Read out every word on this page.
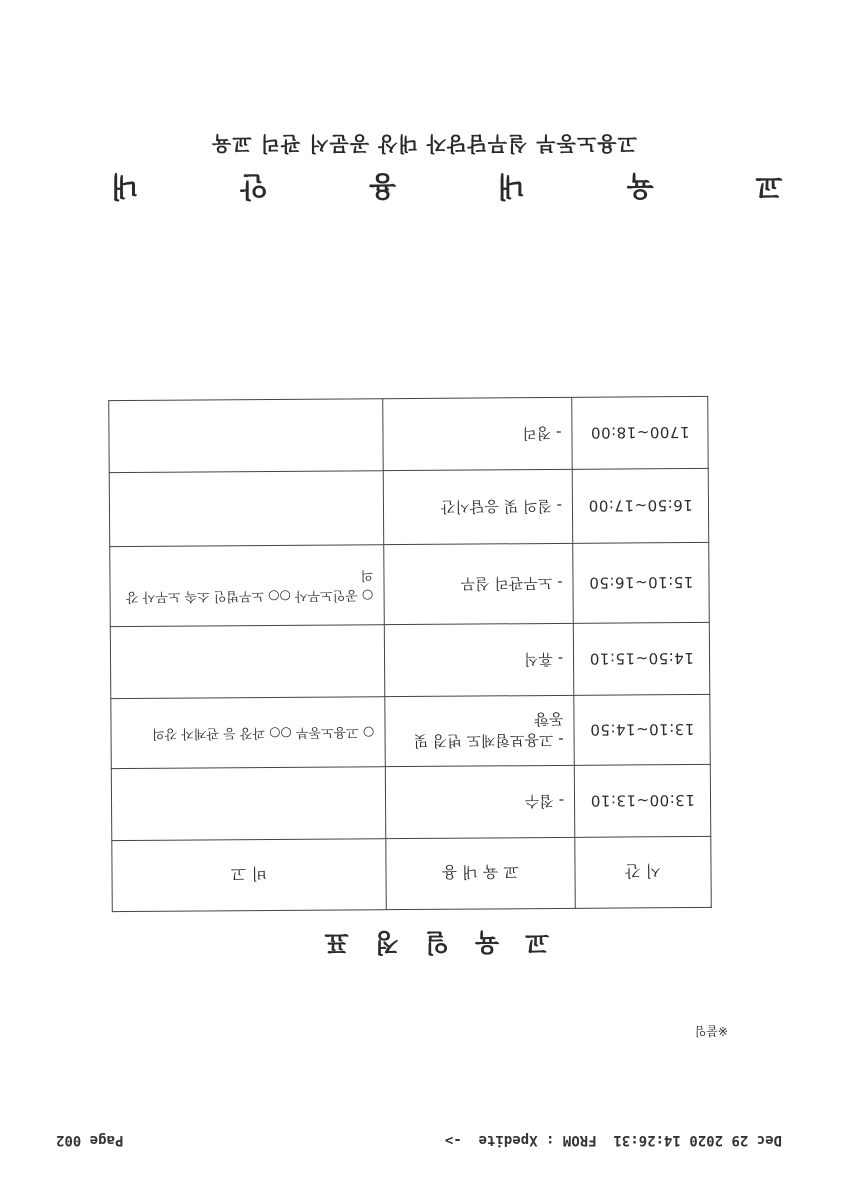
Dec 29 2020 14:26:31  FROM : Xpedite  ->
Page 002
※붙임
교육일정표
시 간	교 육 내 용	비 고
13:00~13:10	- 접수	
13:10~14:50	- 고용보험제도 변경 및 동향	○ 고용노동부 ○○ 과장 등 관계자 강의
14:50~15:10	- 휴식	
15:10~16:50	- 노무관리 실무	○ 공인노무사 ○○ 노무법인 소속 노무사 강의
16:50~17:00	- 질의 및 응답시간	
1700~18:00	- 정리	
교 육 내 용 안 내
고용노동부 실무담당자 대상 공문서 관리 교육
